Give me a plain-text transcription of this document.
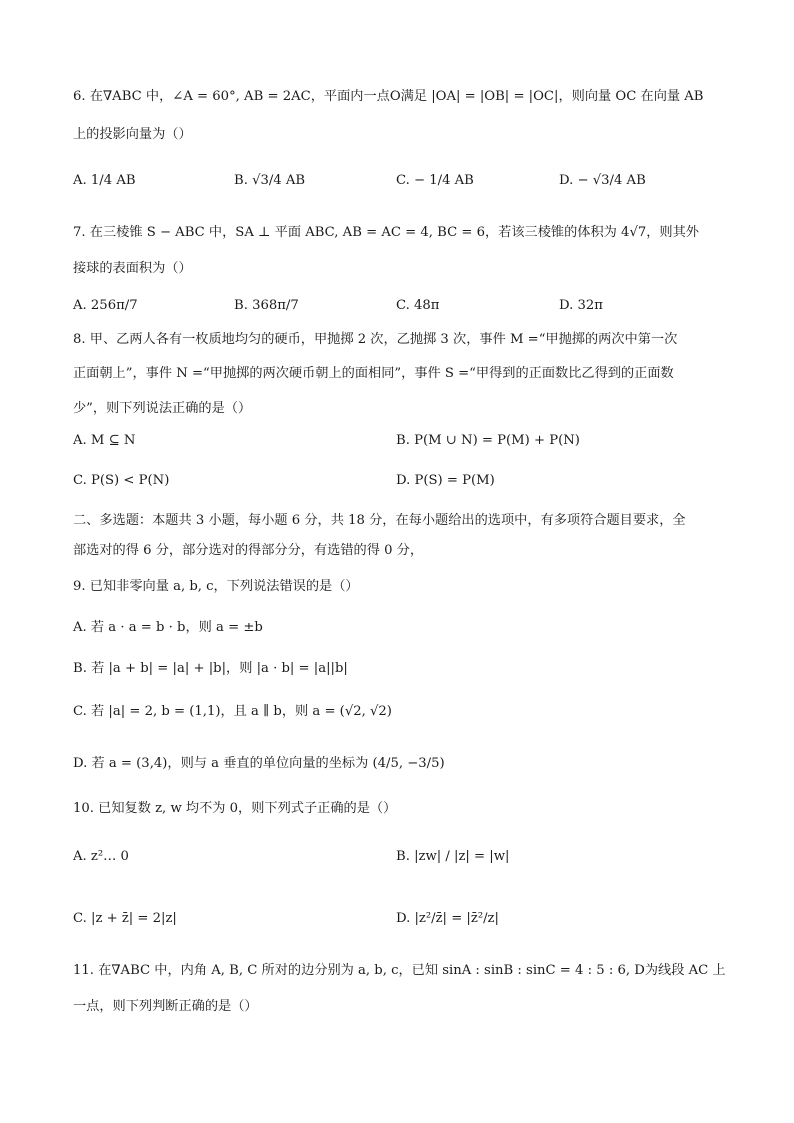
6. 在∇ABC 中，∠A = 60°, AB = 2AC，平面内一点O满足 |OA| = |OB| = |OC|，则向量 OC 在向量 AB
上的投影向量为（）
A. 1/4 AB	B. √3/4 AB	C. − 1/4 AB	D. − √3/4 AB
7. 在三棱锥 S − ABC 中，SA ⊥ 平面 ABC, AB = AC = 4, BC = 6，若该三棱锥的体积为 4√7，则其外
接球的表面积为（）
A. 256π/7	B. 368π/7	C. 48π	D. 32π
8. 甲、乙两人各有一枚质地均匀的硬币，甲抛掷 2 次，乙抛掷 3 次，事件 M =“甲抛掷的两次中第一次
正面朝上”，事件 N =“甲抛掷的两次硬币朝上的面相同”，事件 S =“甲得到的正面数比乙得到的正面数
少”，则下列说法正确的是（）
A. M ⊆ N	B. P(M ∪ N) = P(M) + P(N)
C. P(S) < P(N)	D. P(S) = P(M)
二、多选题：本题共 3 小题，每小题 6 分，共 18 分，在每小题给出的选项中，有多项符合题目要求，全
部选对的得 6 分，部分选对的得部分分，有选错的得 0 分，
9. 已知非零向量 a, b, c，下列说法错误的是（）
A. 若 a · a = b · b，则 a = ±b
B. 若 |a + b| = |a| + |b|，则 |a · b| = |a||b|
C. 若 |a| = 2, b = (1,1)，且 a ∥ b，则 a = (√2, √2)
D. 若 a = (3,4)，则与 a 垂直的单位向量的坐标为 (4/5, −3/5)
10. 已知复数 z, w 均不为 0，则下列式子正确的是（）
A. z²… 0	B. |zw| / |z| = |w|
C. |z + z̄| = 2|z|	D. |z²/z̄| = |z̄²/z|
11. 在∇ABC 中，内角 A, B, C 所对的边分别为 a, b, c，已知 sinA : sinB : sinC = 4 : 5 : 6, D为线段 AC 上
一点，则下列判断正确的是（）
